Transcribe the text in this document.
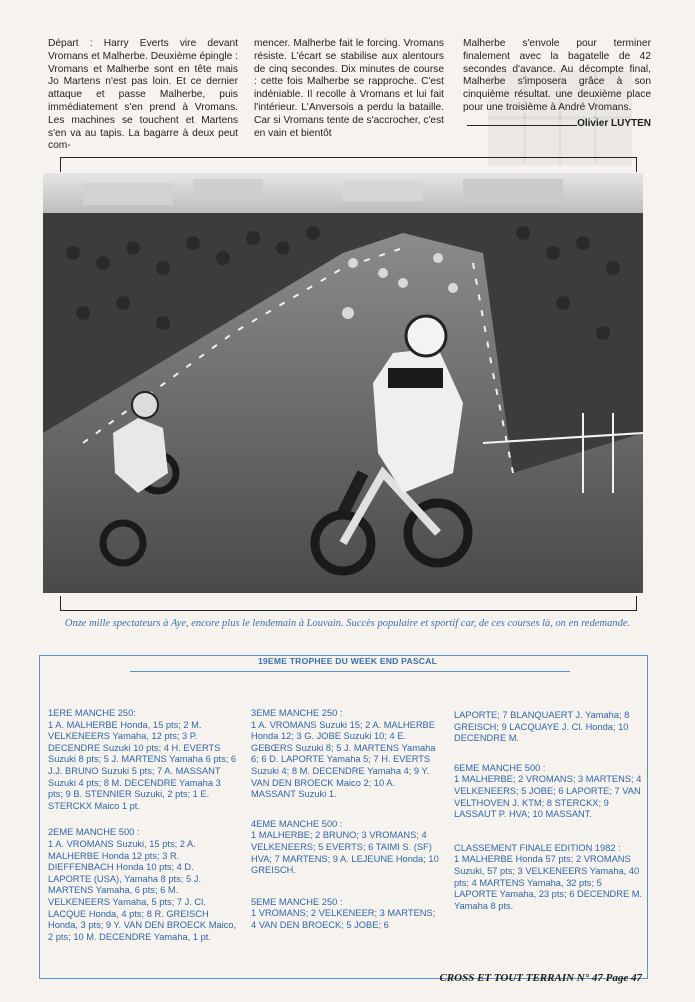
Départ : Harry Everts vire devant Vromans et Malherbe. Deuxième épingle : Vromans et Malherbe sont en tête mais Jo Martens n'est pas loin. Et ce dernier attaque et passe Malherbe, puis immédiatement s'en prend à Vromans. Les machines se touchent et Martens s'en va au tapis. La bagarre à deux peut com-
mencer. Malherbe fait le forcing. Vromans résiste. L'écart se stabilise aux alentours de cinq secondes. Dix minutes de course : cette fois Malherbe se rapproche. C'est indéniable. Il recolle à Vromans et lui fait l'intérieur. L'Anversois a perdu la bataille. Car si Vromans tente de s'accrocher, c'est en vain et bientôt
Malherbe s'envole pour terminer finalement avec la bagatelle de 42 secondes d'avance. Au décompte final, Malherbe s'imposera grâce à son cinquième résultat. une deuxième place pour une troisième à André Vromans.
Olivier LUYTEN
Onze mille spectateurs à Aye, encore plus le lendemain à Louvain. Succès populaire et sportif car, de ces courses là, on en redemande.
19EME TROPHEE DU WEEK END PASCAL
1ERE MANCHE 250:
1 A. MALHERBE Honda, 15 pts; 2 M. VELKENEERS Yamaha, 12 pts; 3 P. DECENDRE Suzuki 10 pts; 4 H. EVERTS Suzuki 8 pts; 5 J. MARTENS Yamaha 6 pts; 6 J.J. BRUNO Suzuki 5 pts; 7 A. MASSANT Suzuki 4 pts; 8 M. DECENDRE Yamaha 3 pts; 9 B. STENNIER Suzuki, 2 pts; 1 E. STERCKX Maico 1 pt.
2EME MANCHE 500 :
1 A. VROMANS Suzuki, 15 pts; 2 A. MALHERBE Honda 12 pts; 3 R. DIEFFENBACH Honda 10 pts; 4 D. LAPORTE (USA), Yamaha 8 pts; 5 J. MARTENS Yamaha, 6 pts; 6 M. VELKENEERS Yamaha, 5 pts; 7 J. Cl. LACQUE Honda, 4 pts; 8 R. GREISCH Honda, 3 pts; 9 Y. VAN DEN BROECK Maico, 2 pts; 10 M. DECENDRE Yamaha, 1 pt.
3EME MANCHE 250 :
1 A. VROMANS Suzuki 15; 2 A. MALHERBE Honda 12; 3 G. JOBE Suzuki 10; 4 E. GEBŒRS Suzuki 8; 5 J. MARTENS Yamaha 6; 6 D. LAPORTE Yamaha 5; 7 H. EVERTS Suzuki 4; 8 M. DECENDRE Yamaha 4; 9 Y. VAN DEN BROECK Maico 2; 10 A. MASSANT Suzuki 1.
4EME MANCHE 500 :
1 MALHERBE; 2 BRUNO; 3 VROMANS; 4 VELKENEERS; 5 EVERTS; 6 TAIMI S. (SF) HVA; 7 MARTENS; 9 A. LEJEUNE Honda; 10 GREISCH.
5EME MANCHE 250 :
1 VROMANS; 2 VELKENEER; 3 MARTENS; 4 VAN DEN BROECK; 5 JOBE; 6
LAPORTE; 7 BLANQUAERT J. Yamaha; 8 GREISCH; 9 LACQUAYE J. Cl. Honda; 10 DECENDRE M.
6EME MANCHE 500 :
1 MALHERBE; 2 VROMANS; 3 MARTENS; 4 VELKENEERS; 5 JOBE; 6 LAPORTE; 7 VAN VELTHOVEN J. KTM; 8 STERCKX; 9 LASSAUT P. HVA; 10 MASSANT.
CLASSEMENT FINALE EDITION 1982 :
1 MALHERBE Honda 57 pts; 2 VROMANS Suzuki, 57 pts; 3 VELKENEERS Yamaha, 40 pts; 4 MARTENS Yamaha, 32 pts; 5 LAPORTE Yamaha, 23 pts; 6 DECENDRE M. Yamaha 8 pts.
CROSS ET TOUT TERRAIN N° 47 Page 47
